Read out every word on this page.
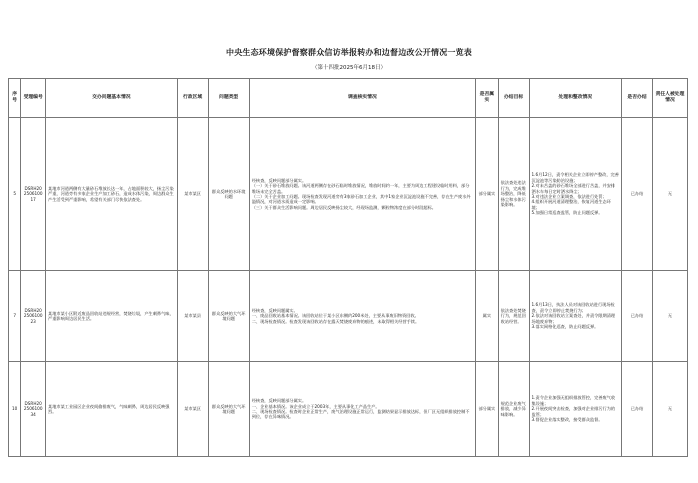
中央生态环境保护督察群众信访举报转办和边督边改公开情况一览表
（第十四批2025年6月18日）
序号	受理编号	交办问题基本情况	行政区域	问题类型	调查核实情况	是否属实	办结目标	处理和整改情况	是否办结	责任人被处理情况
5	DSRH20250610017	某地市河道两侧有大量砂石堆放长达一年，占地面积较大，扬尘污染严重，河道旁有多家企业生产加工砂石，造成水体污染，周边群众生产生活受到严重影响，希望有关部门尽快依法查处。	某市某区	群众反映的水环境问题	经核查，反映问题部分属实。
（一）关于砂石堆放问题。该河道两侧存在砂石临时堆放情况，堆放时间约一年，主要为周边工程建设临时用料，部分堆场未完全苫盖。
（二）关于企业加工问题。现场检查发现河道旁有3家砂石加工企业，其中1家企业沉淀池设施不完善，存在生产废水外溢情况，对河道水质造成一定影响。
（三）关于群众生活影响问题。周边居民反映扬尘较大，经现场监测，颗粒物浓度在部分时段超标。	部分属实	依法查处违法行为，完成堆场整治，降低扬尘和水体污染影响。	1.6月12日，责令相关企业立即停产整改，完善沉淀池等污染防治设施；
2.对未苫盖的砂石堆场全部进行苫盖，并安排洒水车每日定时洒水降尘；
3.对违法企业立案调查，依法进行处罚；
4.组织开展河道清理整治，恢复河道生态环境；
5.加强日常巡查监管，防止问题反弹。	已办结	无
7	DSRH20250610023	某地市某小区附近废品回收站违规经营，焚烧垃圾，产生刺鼻气味，严重影响周边居民生活。	某市某县	群众反映的大气环境问题	经核查，反映问题属实。
一、废品回收站基本情况。该回收站位于某小区东侧约200米处，主要从事废旧物资回收。
二、现场检查情况。检查发现该回收站存在露天焚烧废弃物的痕迹，未取得相关经营手续。	属实	依法查处焚烧行为，规范回收站经营。	1.6月13日，执法人员对该回收站进行现场检查，责令立即停止焚烧行为；
2.依法对该回收站立案查处，并责令限期清理场地废弃物；
3.落实网格化巡查，防止问题反弹。	已办结	无
10	DSRH20250610034	某地市某工业园区企业夜间偷排废气，气味刺鼻，周边居民反映强烈。	某市某区	群众反映的大气环境问题	经核查，反映问题部分属实。
一、企业基本情况。该企业成立于2003年，主要从事化工产品生产。
二、现场检查情况。检查时企业正常生产，废气治理设施正常运行，监测结果显示排放达标，但厂区无组织排放控制不到位，存在异味情况。	部分属实	规范企业废气排放，减少异味影响。	1.责令企业加强无组织排放管控，完善废气收集设施；
2.开展夜间突击检查，加强对企业排污行为的监管；
3.督促企业落实整改，接受群众监督。	已办结	无
